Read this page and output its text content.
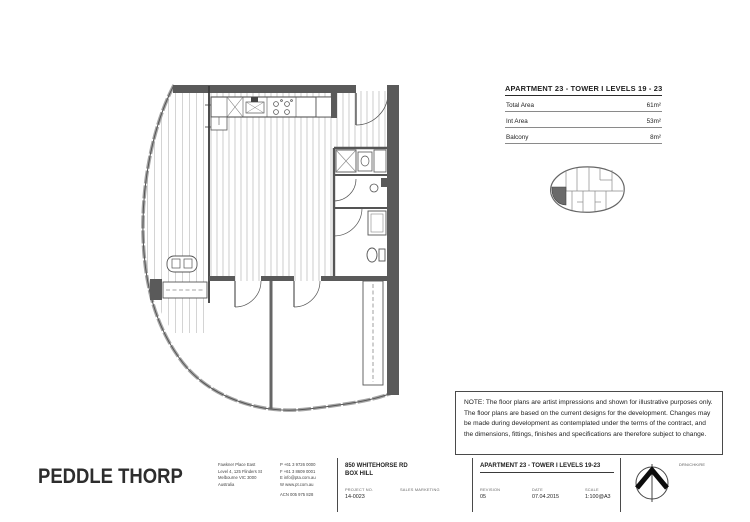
APARTMENT 23 - TOWER I LEVELS 19 - 23
Total Area	61m²
Int Area	53m²
Balcony	8m²

NOTE: The floor plans are artist impressions and shown for illustrative purposes only. The floor plans are based on the current designs for the development. Changes may be made during development as contemplated under the terms of the contract, and the dimensions, fittings, finishes and specifications are therefore subject to change.

PEDDLE THORP
Fawkner Place East
Level 4, 125 Flinders St
Melbourne VIC 3000
Australia
P +61 3 9726 0000
F +61 3 8609 0001
E info@pta.com.au
W www.pt.com.au
ACN 005 975 828
850 WHITEHORSE RD
BOX HILL
PROJECT NO.
14-0023
SALES MARKETING
APARTMENT 23 - TOWER I LEVELS 19-23
REVISION
05
DATE
07.04.2015
SCALE
1:100@A3
DRN/CHK/RE
